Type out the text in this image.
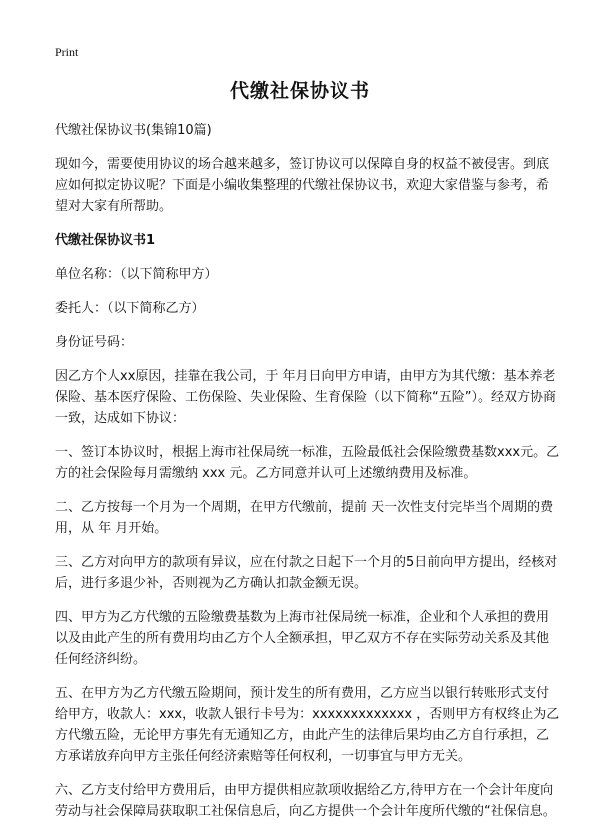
Print
代缴社保协议书

代缴社保协议书(集锦10篇)

现如今，需要使用协议的场合越来越多，签订协议可以保障自身的权益不被侵害。到底应如何拟定协议呢？下面是小编收集整理的代缴社保协议书，欢迎大家借鉴与参考，希望对大家有所帮助。

代缴社保协议书1

单位名称：（以下简称甲方）

委托人：（以下简称乙方）

身份证号码：

因乙方个人xx原因，挂靠在我公司，于 年月日向甲方申请，由甲方为其代缴：基本养老保险、基本医疗保险、工伤保险、失业保险、生育保险（以下简称“五险”）。经双方协商一致，达成如下协议：

一、签订本协议时，根据上海市社保局统一标准，五险最低社会保险缴费基数xxx元。乙方的社会保险每月需缴纳 xxx 元。乙方同意并认可上述缴纳费用及标准。

二、乙方按每一个月为一个周期，在甲方代缴前，提前 天一次性支付完毕当个周期的费用，从 年 月开始。

三、乙方对向甲方的款项有异议，应在付款之日起下一个月的5日前向甲方提出，经核对后，进行多退少补，否则视为乙方确认扣款金额无误。

四、甲方为乙方代缴的五险缴费基数为上海市社保局统一标准，企业和个人承担的费用以及由此产生的所有费用均由乙方个人全额承担，甲乙双方不存在实际劳动关系及其他任何经济纠纷。

五、在甲方为乙方代缴五险期间，预计发生的所有费用，乙方应当以银行转账形式支付给甲方，收款人：xxx，收款人银行卡号为：xxxxxxxxxxxxx ，否则甲方有权终止为乙方代缴五险，无论甲方事先有无通知乙方，由此产生的法律后果均由乙方自行承担，乙方承诺放弃向甲方主张任何经济索赔等任何权利，一切事宜与甲方无关。

六、乙方支付给甲方费用后，由甲方提供相应款项收据给乙方,待甲方在一个会计年度向劳动与社会保障局获取职工社保信息后，向乙方提供一个会计年度所代缴的“社保信息。
